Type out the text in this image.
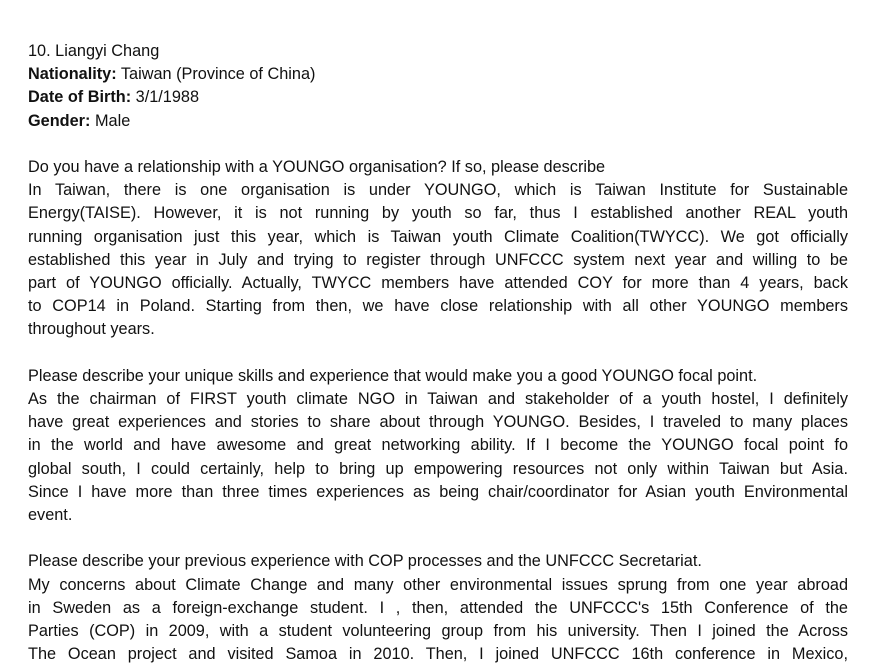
10. Liangyi Chang
Nationality: Taiwan (Province of China)
Date of Birth: 3/1/1988
Gender: Male
Do you have a relationship with a YOUNGO organisation? If so, please describe
In Taiwan, there is one organisation is under YOUNGO, which is Taiwan Institute for Sustainable
Energy(TAISE). However, it is not running by youth so far, thus I established another REAL youth
running organisation just this year, which is Taiwan youth Climate Coalition(TWYCC). We got officially
established this year in July and trying to register through UNFCCC system next year and willing to be
part of YOUNGO officially. Actually, TWYCC members have attended COY for more than 4 years, back
to COP14 in Poland. Starting from then, we have close relationship with all other YOUNGO members
throughout years.
Please describe your unique skills and experience that would make you a good YOUNGO focal point.
As the chairman of FIRST youth climate NGO in Taiwan and stakeholder of a youth hostel, I definitely
have great experiences and stories to share about through YOUNGO. Besides, I traveled to many places
in the world and have awesome and great networking ability. If I become the YOUNGO focal point fo
global south, I could certainly, help to bring up empowering resources not only within Taiwan but Asia.
Since I have more than three times experiences as being chair/coordinator for Asian youth Environmental
event.
Please describe your previous experience with COP processes and the UNFCCC Secretariat.
My concerns about Climate Change and many other environmental issues sprung from one year abroad
in Sweden as a foreign-exchange student. I , then, attended the UNFCCC's 15th Conference of the
Parties (COP) in 2009, with a student volunteering group from his university. Then I joined the Across
The Ocean project and visited Samoa in 2010. Then, I joined UNFCCC 16th conference in Mexico,
